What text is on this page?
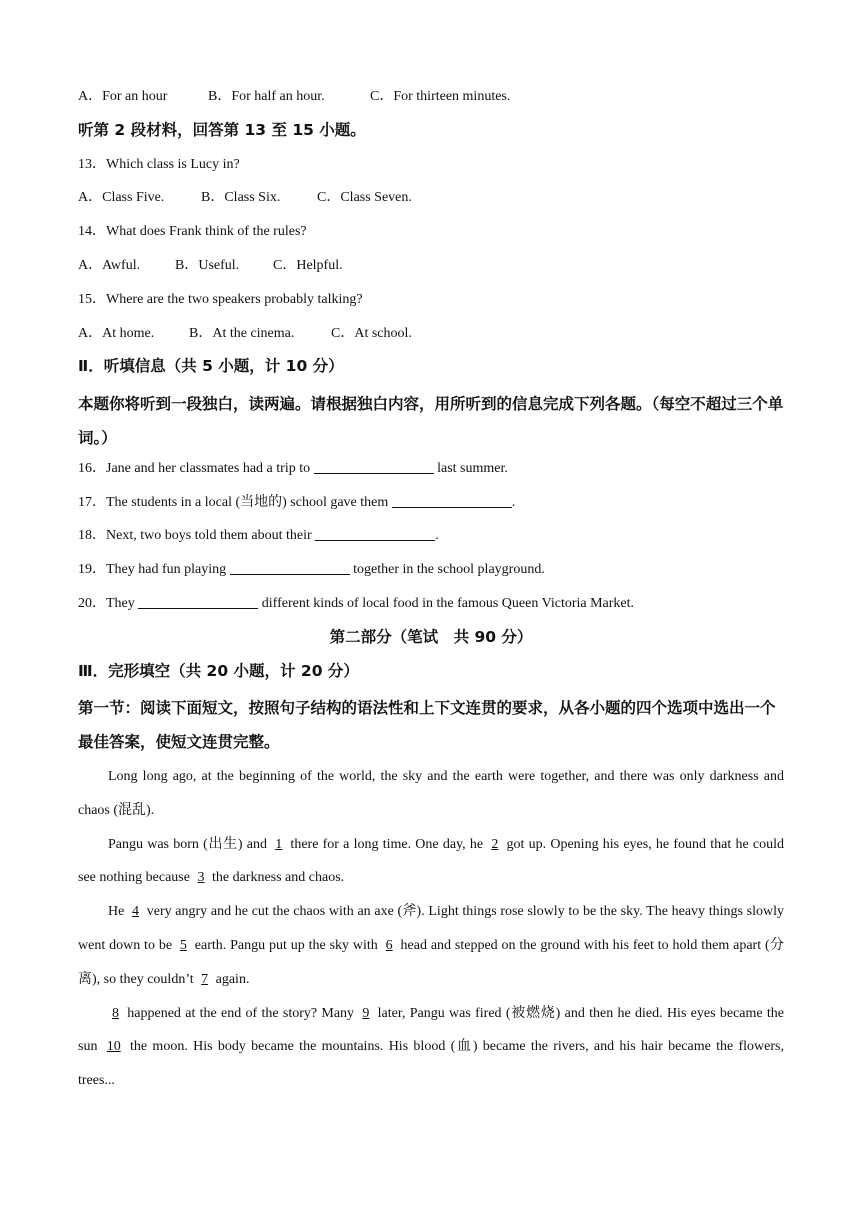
A．For an hour	B．For half an hour.	C．For thirteen minutes.
听第 2 段材料，回答第 13 至 15 小题。
13．Which class is Lucy in?
A．Class Five.	B．Class Six.	C．Class Seven.
14．What does Frank think of the rules?
A．Awful. B．Useful. C．Helpful.
15．Where are the two speakers probably talking?
A．At home. B．At the cinema.	C．At school.
Ⅱ．听填信息（共 5 小题，计 10 分）

本题你将听到一段独白，读两遍。请根据独白内容，用所听到的信息完成下列各题。（每空不超过三个单词。）

16．Jane and her classmates had a trip to	last summer.
17．The students in a local (当地的) school gave them	.
18．Next, two boys told them about their	.
19．They had fun playing	together in the school playground.
20．They	different kinds of local food in the famous Queen Victoria Market.
第二部分（笔试　共 90 分）
Ⅲ．完形填空（共 20 小题，计 20 分）

第一节：阅读下面短文，按照句子结构的语法性和上下文连贯的要求，从各小题的四个选项中选出一个最佳答案，使短文连贯完整。

Long long ago, at the beginning of the world, the sky and the earth were together, and there was only darkness and chaos (混乱).

Pangu was born (出生) and 1 there for a long time. One day, he 2 got up. Opening his eyes, he found that he could see nothing because 3 the darkness and chaos.

He 4 very angry and he cut the chaos with an axe (斧). Light things rose slowly to be the sky. The heavy things slowly went down to be 5 earth. Pangu put up the sky with 6 head and stepped on the ground with his feet to hold them apart (分离), so they couldn’t 7 again.

8 happened at the end of the story? Many 9 later, Pangu was fired (被燃烧) and then he died. His eyes became the sun 10 the moon. His body became the mountains. His blood (血) became the rivers, and his hair became the flowers, trees...
